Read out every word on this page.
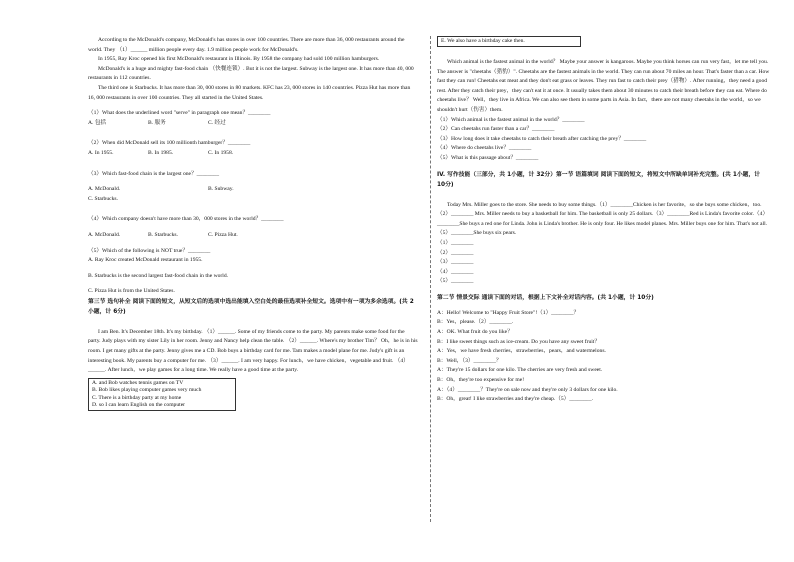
According to the McDonald's company, McDonald's has stores in over 100 countries. There are more than 36, 000 restaurants around the world. They （1）______ million people every day. 1.9 million people work for McDonald's.

In 1955, Ray Kroc opened his first McDonald's restaurant in Illinois. By 1958 the company had sold 100 million hamburgers.

McDonald's is a huge and mighty fast-food chain （快餐连锁）. But it is not the largest. Subway is the largest one. It has more than 40, 000 restaurants in 112 countries.

The third one is Starbucks. It has more than 30, 000 stores in 80 markets. KFC has 23, 000 stores in 140 countries. Pizza Hut has more than 16, 000 restaurants in over 100 countries. They all started in the United States.

（1）What does the underlined word "serve" in paragraph one mean？________

A. 包括	B. 服务	C. 经过

（2）When did McDonald sell its 100 millionth hamburger？________

A. In 1955.	B. In 1985.	C. In 1958.

（3）Which fast-food chain is the largest one？________

A. McDonald.	B. Subway.

C. Starbucks.

（4）Which company doesn't have more than 30，000 stores in the world？________

A. McDonald.	B. Starbucks.	C. Pizza Hut.

（5）Which of the following is NOT true？________

A. Ray Kroc created McDonald restaurant in 1955.

B. Starbucks is the second largest fast-food chain in the world.

C. Pizza Hut is from the United States.

第三节 选句补全 阅读下面的短文，从短文后的选项中选出能填入空白处的最佳选项补全短文。选项中有一项为多余选项。(共 2小题，计 6分)

I am Ben. It's December 18th. It's my birthday. （1）______. Some of my friends come to the party. My parents make some food for the party. Judy plays with my sister Lily in her room. Jenny and Nancy help clean the table. （2）______. Where's my brother Tim？ Oh，he is in his room. I get many gifts at the party. Jenny gives me a CD. Bob buys a birthday card for me. Tam makes a model plane for me. Judy's gift is an interesting book. My parents buy a computer for me. （3）______. I am very happy. For lunch，we have chicken，vegetable and fruit. （4）______. After lunch，we play games for a long time. We really have a good time at the party.

A. and Bob watches tennis games on TV

B. Bob likes playing computer games very much

C. There is a birthday party at my home

D. so I can learn English on the computer

E. We also have a birthday cake then.

Which animal is the fastest animal in the world？ Maybe your answer is kangaroos. Maybe you think horses can run very fast，let me tell you. The answer is "cheetahs（猎豹）". Cheetahs are the fastest animals in the world. They can run about 70 miles an hour. That's faster than a car. How fast they can run! Cheetahs eat meat and they don't eat grass or leaves. They run fast to catch their prey（猎物）. After running，they need a good rest. After they catch their prey，they can't eat it at once. It usually takes them about 30 minutes to catch their breath before they can eat. Where do cheetahs live？ Well，they live in Africa. We can also see them in some parts in Asia. In fact，there are not many cheetahs in the world，so we shouldn't hurt（伤害）them.

（1）Which animal is the fastest animal in the world？________

（2）Can cheetahs run faster than a car？________

（3）How long does it take cheetahs to catch their breath after catching the prey？________

（4）Where do cheetahs live？________

（5）What is this passage about？________

IV. 写作技能（三部分，共 1小题，计 32分）第一节 语篇填词 阅读下面的短文，将短文中所缺单词补充完整。(共 1小题，计 10分)

Today Mrs. Miller goes to the store. She needs to buy some things.（1）________Chicken is her favorite，so she buys some chicken，too.（2）________ Mrs. Miller needs to buy a basketball for him. The basketball is only 25 dollars.（3）________Red is Linda's favorite color.（4）________She buys a red one for Linda. John is Linda's brother. He is only four. He likes model planes. Mrs. Miller buys one for him. That's not all.（5）________She buys six pears.

（1）________

（2）________

（3）________

（4）________

（5）________

第二节 情景交际 通读下面的对话，根据上下文补全对话内容。(共 1小题，计 10分)

A：Hello! Welcome to "Happy Fruit Store"!（1）________？

B：Yes，please.（2）________.

A：OK. What fruit do you like？

B：I like sweet things such as ice-cream. Do you have any sweet fruit？

A：Yes，we have fresh cherries，strawberries，pears，and watermelons.

B：Well，（3）________？

A：They're 15 dollars for one kilo. The cherries are very fresh and sweet.

B：Oh，they're too expensive for me!

A：（4）________？They're on sale now and they're only 3 dollars for one kilo.

B：Oh，great! I like strawberries and they're cheap.（5）________.
